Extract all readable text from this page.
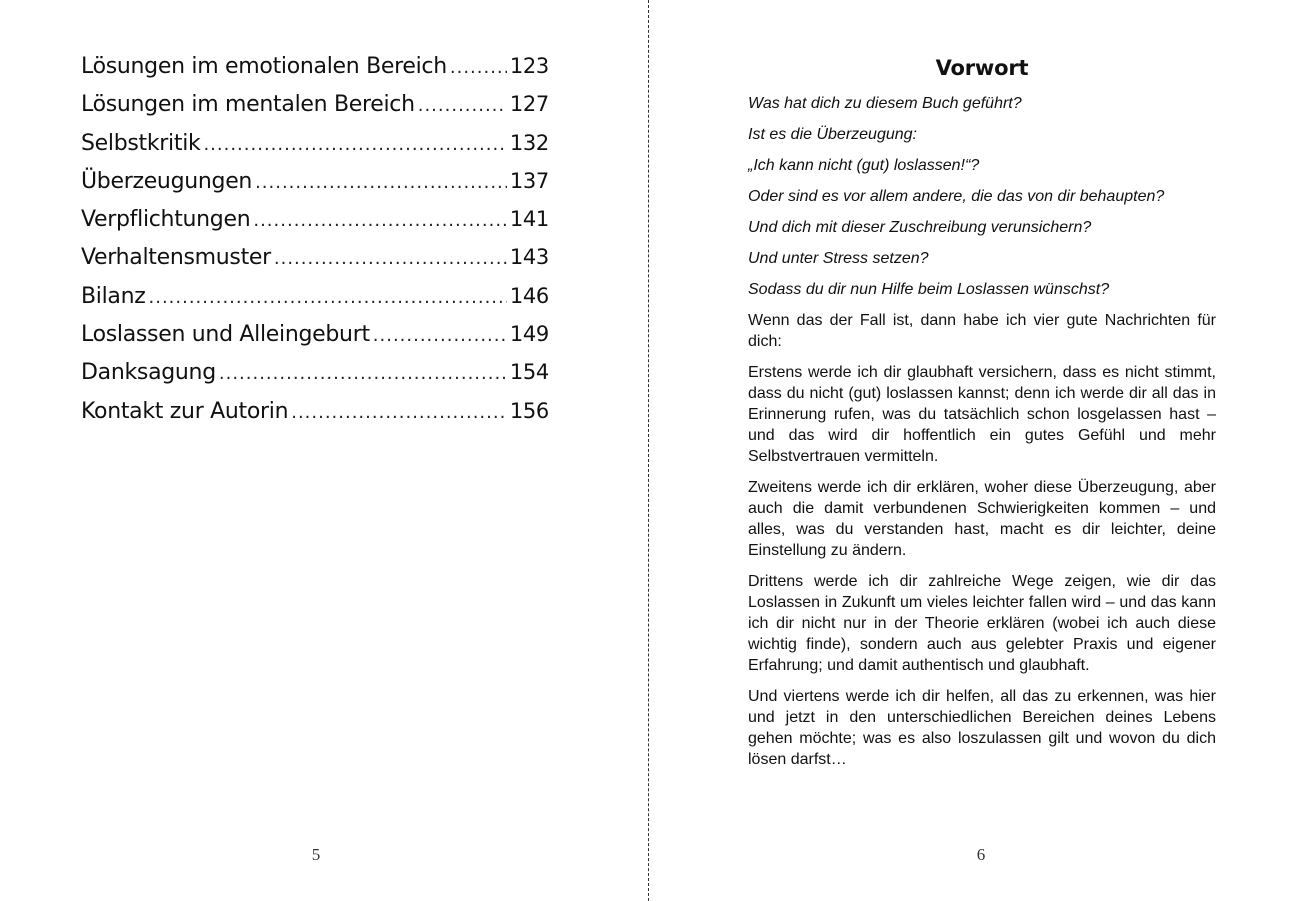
Lösungen im emotionalen Bereich .....	123
Lösungen im mentalen Bereich .....	127
Selbstkritik .....	132
Überzeugungen .....	137
Verpflichtungen .....	141
Verhaltensmuster .....	143
Bilanz .....	146
Loslassen und Alleingeburt .....	149
Danksagung .....	154
Kontakt zur Autorin .....	156
5
Vorwort

Was hat dich zu diesem Buch geführt?

Ist es die Überzeugung:

„Ich kann nicht (gut) loslassen!“?

Oder sind es vor allem andere, die das von dir behaupten?

Und dich mit dieser Zuschreibung verunsichern?

Und unter Stress setzen?

Sodass du dir nun Hilfe beim Loslassen wünschst?

Wenn das der Fall ist, dann habe ich vier gute Nachrichten für dich:

Erstens werde ich dir glaubhaft versichern, dass es nicht stimmt, dass du nicht (gut) loslassen kannst; denn ich werde dir all das in Erinnerung rufen, was du tatsächlich schon losgelassen hast – und das wird dir hoffentlich ein gutes Gefühl und mehr Selbstvertrauen vermitteln.

Zweitens werde ich dir erklären, woher diese Überzeugung, aber auch die damit verbundenen Schwierigkeiten kommen – und alles, was du verstanden hast, macht es dir leichter, deine Einstellung zu ändern.

Drittens werde ich dir zahlreiche Wege zeigen, wie dir das Loslassen in Zukunft um vieles leichter fallen wird – und das kann ich dir nicht nur in der Theorie erklären (wobei ich auch diese wichtig finde), sondern auch aus gelebter Praxis und eigener Erfahrung; und damit authentisch und glaubhaft.

Und viertens werde ich dir helfen, all das zu erkennen, was hier und jetzt in den unterschiedlichen Bereichen deines Lebens gehen möchte; was es also loszulassen gilt und wovon du dich lösen darfst…

6
